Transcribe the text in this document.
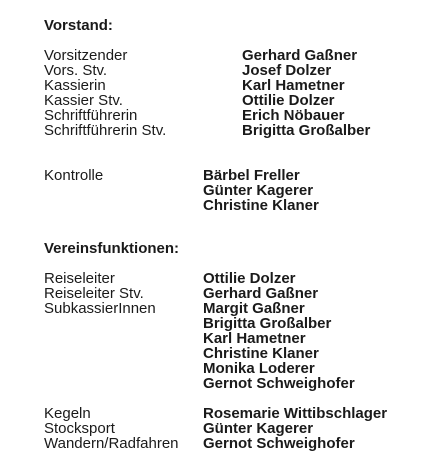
Vorstand:
Vorsitzender	Gerhard Gaßner
Vors. Stv.	Josef Dolzer
Kassierin	Karl Hametner
Kassier Stv.	Ottilie Dolzer
Schriftführerin	Erich Nöbauer
Schriftführerin Stv.	Brigitta Großalber
Kontrolle	Bärbel Freller
Günter Kagerer
Christine Klaner
Vereinsfunktionen:
Reiseleiter	Ottilie Dolzer
Reiseleiter Stv.	Gerhard Gaßner
SubkassierInnen	Margit Gaßner
Brigitta Großalber
Karl Hametner
Christine Klaner
Monika Loderer
Gernot Schweighofer
Kegeln	Rosemarie Wittibschlager
Stocksport	Günter Kagerer
Wandern/Radfahren Gernot Schweighofer
